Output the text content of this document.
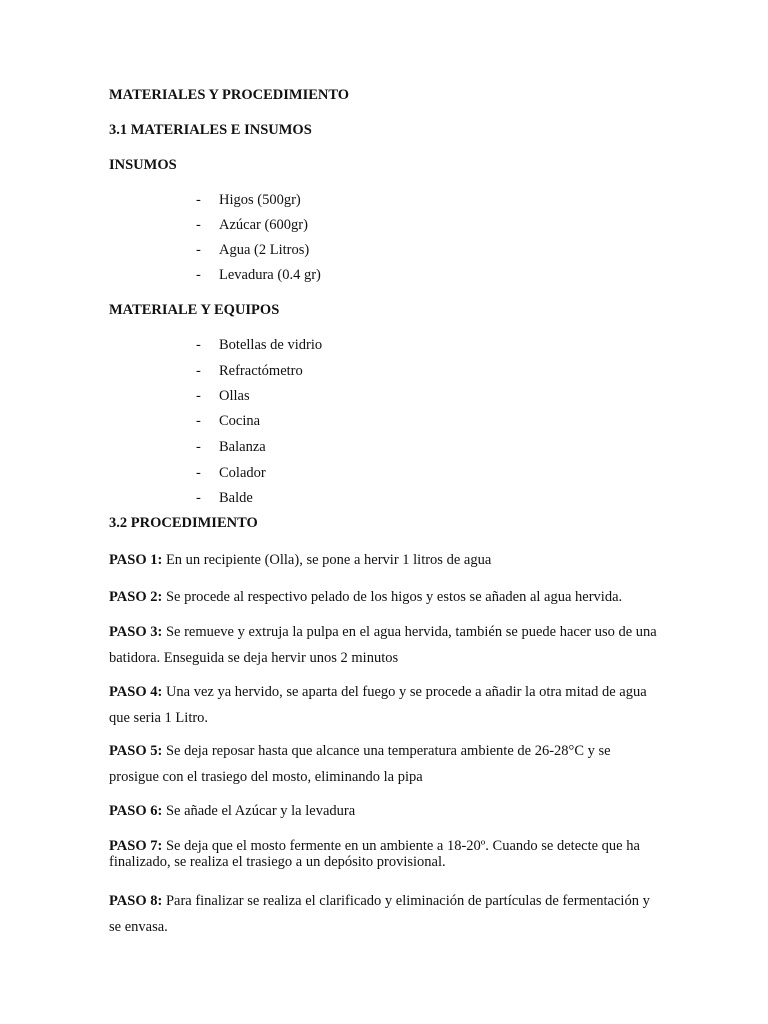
MATERIALES Y PROCEDIMIENTO
3.1 MATERIALES E INSUMOS
INSUMOS
- Higos (500gr)
- Azúcar (600gr)
- Agua (2 Litros)
- Levadura (0.4 gr)
MATERIALE Y EQUIPOS
- Botellas de vidrio
- Refractómetro
- Ollas
- Cocina
- Balanza
- Colador
- Balde
3.2 PROCEDIMIENTO
PASO 1: En un recipiente (Olla), se pone a hervir 1 litros de agua
PASO 2: Se procede al respectivo pelado de los higos y estos se añaden al agua hervida.
PASO 3: Se remueve y extruja la pulpa en el agua hervida, también se puede hacer uso de una batidora. Enseguida se deja hervir unos 2 minutos
PASO 4: Una vez ya hervido, se aparta del fuego y se procede a añadir la otra mitad de agua que seria 1 Litro.
PASO 5: Se deja reposar hasta que alcance una temperatura ambiente de 26-28°C y se prosigue con el trasiego del mosto, eliminando la pipa
PASO 6: Se añade el Azúcar y la levadura
PASO 7: Se deja que el mosto fermente en un ambiente a 18-20º. Cuando se detecte que ha finalizado, se realiza el trasiego a un depósito provisional.
PASO 8: Para finalizar se realiza el clarificado y eliminación de partículas de fermentación y se envasa.
